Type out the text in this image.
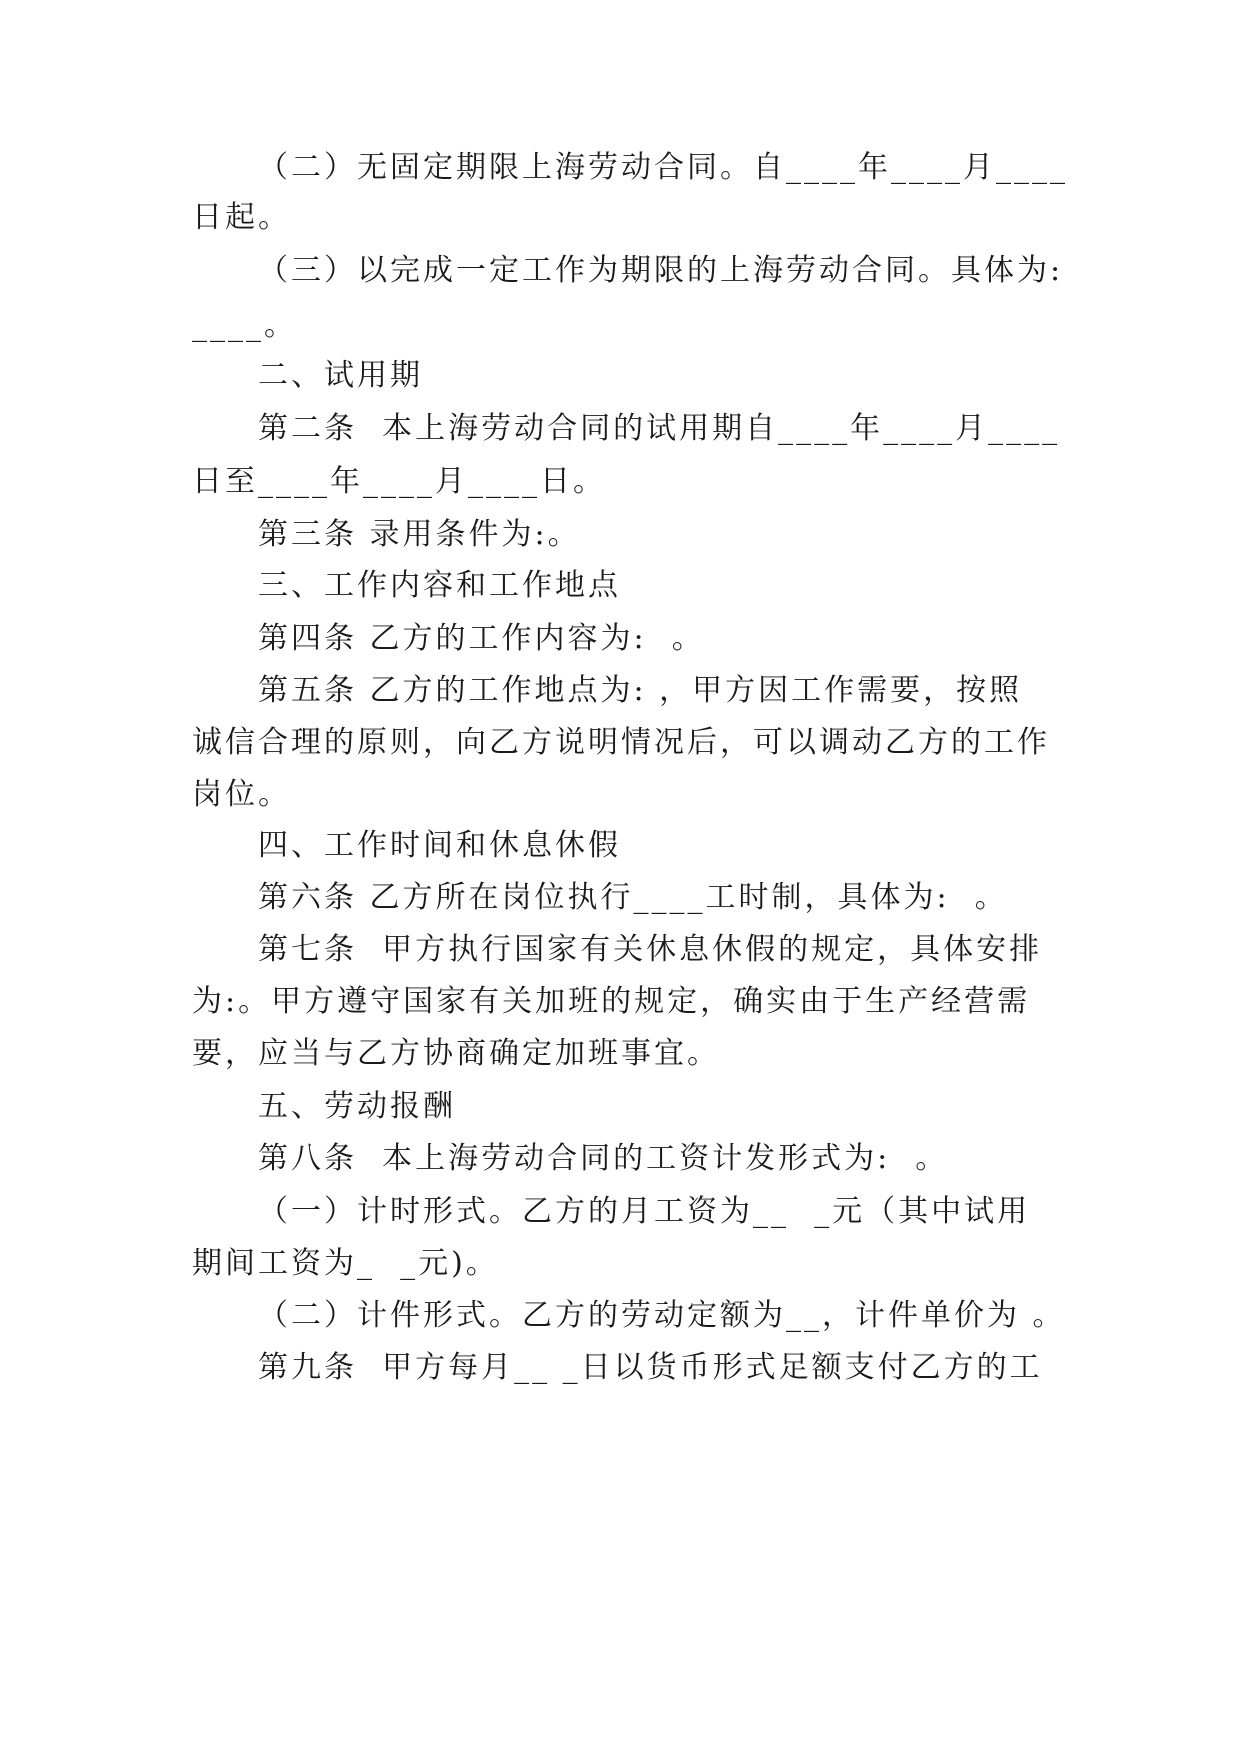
（二）无固定期限上海劳动合同。自____年____月____
日起。
（三）以完成一定工作为期限的上海劳动合同。具体为:
____。
二、试用期
第二条  本上海劳动合同的试用期自____年____月____
日至____年____月____日。
第三条 录用条件为:。
三、工作内容和工作地点
第四条 乙方的工作内容为:  。
第五条 乙方的工作地点为: ，甲方因工作需要，按照
诚信合理的原则，向乙方说明情况后，可以调动乙方的工作
岗位。
四、工作时间和休息休假
第六条 乙方所在岗位执行____工时制，具体为:  。
第七条  甲方执行国家有关休息休假的规定，具体安排
为:。甲方遵守国家有关加班的规定，确实由于生产经营需
要，应当与乙方协商确定加班事宜。
五、劳动报酬
第八条  本上海劳动合同的工资计发形式为:  。
（一）计时形式。乙方的月工资为__  _元（其中试用
期间工资为_  _元)。
（二）计件形式。乙方的劳动定额为__，计件单价为 。
第九条  甲方每月__ _日以货币形式足额支付乙方的工
